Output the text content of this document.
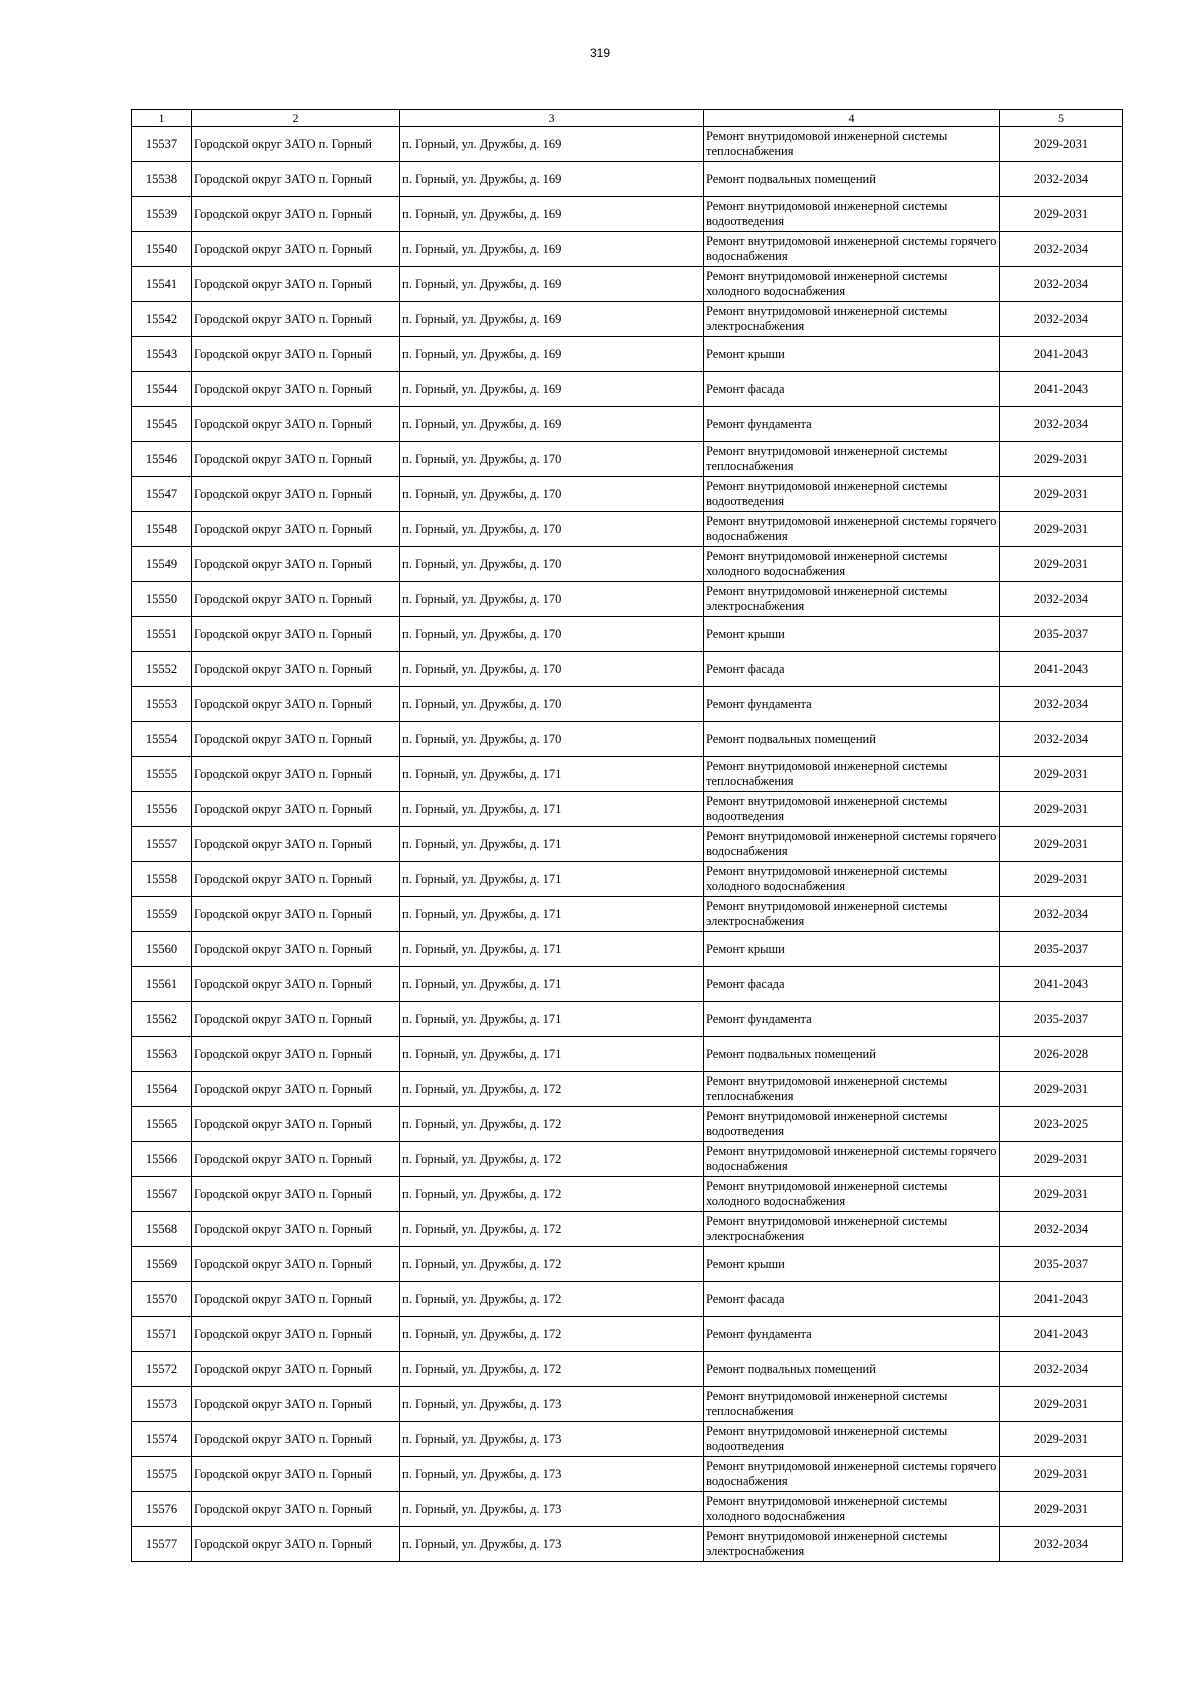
319
1	2	3	4	5
15537	Городской округ ЗАТО п. Горный	п. Горный, ул. Дружбы, д. 169	Ремонт внутридомовой инженерной системы теплоснабжения	2029-2031
15538	Городской округ ЗАТО п. Горный	п. Горный, ул. Дружбы, д. 169	Ремонт подвальных помещений	2032-2034
15539	Городской округ ЗАТО п. Горный	п. Горный, ул. Дружбы, д. 169	Ремонт внутридомовой инженерной системы водоотведения	2029-2031
15540	Городской округ ЗАТО п. Горный	п. Горный, ул. Дружбы, д. 169	Ремонт внутридомовой инженерной системы горячего водоснабжения	2032-2034
15541	Городской округ ЗАТО п. Горный	п. Горный, ул. Дружбы, д. 169	Ремонт внутридомовой инженерной системы холодного водоснабжения	2032-2034
15542	Городской округ ЗАТО п. Горный	п. Горный, ул. Дружбы, д. 169	Ремонт внутридомовой инженерной системы электроснабжения	2032-2034
15543	Городской округ ЗАТО п. Горный	п. Горный, ул. Дружбы, д. 169	Ремонт крыши	2041-2043
15544	Городской округ ЗАТО п. Горный	п. Горный, ул. Дружбы, д. 169	Ремонт фасада	2041-2043
15545	Городской округ ЗАТО п. Горный	п. Горный, ул. Дружбы, д. 169	Ремонт фундамента	2032-2034
15546	Городской округ ЗАТО п. Горный	п. Горный, ул. Дружбы, д. 170	Ремонт внутридомовой инженерной системы теплоснабжения	2029-2031
15547	Городской округ ЗАТО п. Горный	п. Горный, ул. Дружбы, д. 170	Ремонт внутридомовой инженерной системы водоотведения	2029-2031
15548	Городской округ ЗАТО п. Горный	п. Горный, ул. Дружбы, д. 170	Ремонт внутридомовой инженерной системы горячего водоснабжения	2029-2031
15549	Городской округ ЗАТО п. Горный	п. Горный, ул. Дружбы, д. 170	Ремонт внутридомовой инженерной системы холодного водоснабжения	2029-2031
15550	Городской округ ЗАТО п. Горный	п. Горный, ул. Дружбы, д. 170	Ремонт внутридомовой инженерной системы электроснабжения	2032-2034
15551	Городской округ ЗАТО п. Горный	п. Горный, ул. Дружбы, д. 170	Ремонт крыши	2035-2037
15552	Городской округ ЗАТО п. Горный	п. Горный, ул. Дружбы, д. 170	Ремонт фасада	2041-2043
15553	Городской округ ЗАТО п. Горный	п. Горный, ул. Дружбы, д. 170	Ремонт фундамента	2032-2034
15554	Городской округ ЗАТО п. Горный	п. Горный, ул. Дружбы, д. 170	Ремонт подвальных помещений	2032-2034
15555	Городской округ ЗАТО п. Горный	п. Горный, ул. Дружбы, д. 171	Ремонт внутридомовой инженерной системы теплоснабжения	2029-2031
15556	Городской округ ЗАТО п. Горный	п. Горный, ул. Дружбы, д. 171	Ремонт внутридомовой инженерной системы водоотведения	2029-2031
15557	Городской округ ЗАТО п. Горный	п. Горный, ул. Дружбы, д. 171	Ремонт внутридомовой инженерной системы горячего водоснабжения	2029-2031
15558	Городской округ ЗАТО п. Горный	п. Горный, ул. Дружбы, д. 171	Ремонт внутридомовой инженерной системы холодного водоснабжения	2029-2031
15559	Городской округ ЗАТО п. Горный	п. Горный, ул. Дружбы, д. 171	Ремонт внутридомовой инженерной системы электроснабжения	2032-2034
15560	Городской округ ЗАТО п. Горный	п. Горный, ул. Дружбы, д. 171	Ремонт крыши	2035-2037
15561	Городской округ ЗАТО п. Горный	п. Горный, ул. Дружбы, д. 171	Ремонт фасада	2041-2043
15562	Городской округ ЗАТО п. Горный	п. Горный, ул. Дружбы, д. 171	Ремонт фундамента	2035-2037
15563	Городской округ ЗАТО п. Горный	п. Горный, ул. Дружбы, д. 171	Ремонт подвальных помещений	2026-2028
15564	Городской округ ЗАТО п. Горный	п. Горный, ул. Дружбы, д. 172	Ремонт внутридомовой инженерной системы теплоснабжения	2029-2031
15565	Городской округ ЗАТО п. Горный	п. Горный, ул. Дружбы, д. 172	Ремонт внутридомовой инженерной системы водоотведения	2023-2025
15566	Городской округ ЗАТО п. Горный	п. Горный, ул. Дружбы, д. 172	Ремонт внутридомовой инженерной системы горячего водоснабжения	2029-2031
15567	Городской округ ЗАТО п. Горный	п. Горный, ул. Дружбы, д. 172	Ремонт внутридомовой инженерной системы холодного водоснабжения	2029-2031
15568	Городской округ ЗАТО п. Горный	п. Горный, ул. Дружбы, д. 172	Ремонт внутридомовой инженерной системы электроснабжения	2032-2034
15569	Городской округ ЗАТО п. Горный	п. Горный, ул. Дружбы, д. 172	Ремонт крыши	2035-2037
15570	Городской округ ЗАТО п. Горный	п. Горный, ул. Дружбы, д. 172	Ремонт фасада	2041-2043
15571	Городской округ ЗАТО п. Горный	п. Горный, ул. Дружбы, д. 172	Ремонт фундамента	2041-2043
15572	Городской округ ЗАТО п. Горный	п. Горный, ул. Дружбы, д. 172	Ремонт подвальных помещений	2032-2034
15573	Городской округ ЗАТО п. Горный	п. Горный, ул. Дружбы, д. 173	Ремонт внутридомовой инженерной системы теплоснабжения	2029-2031
15574	Городской округ ЗАТО п. Горный	п. Горный, ул. Дружбы, д. 173	Ремонт внутридомовой инженерной системы водоотведения	2029-2031
15575	Городской округ ЗАТО п. Горный	п. Горный, ул. Дружбы, д. 173	Ремонт внутридомовой инженерной системы горячего водоснабжения	2029-2031
15576	Городской округ ЗАТО п. Горный	п. Горный, ул. Дружбы, д. 173	Ремонт внутридомовой инженерной системы холодного водоснабжения	2029-2031
15577	Городской округ ЗАТО п. Горный	п. Горный, ул. Дружбы, д. 173	Ремонт внутридомовой инженерной системы электроснабжения	2032-2034
